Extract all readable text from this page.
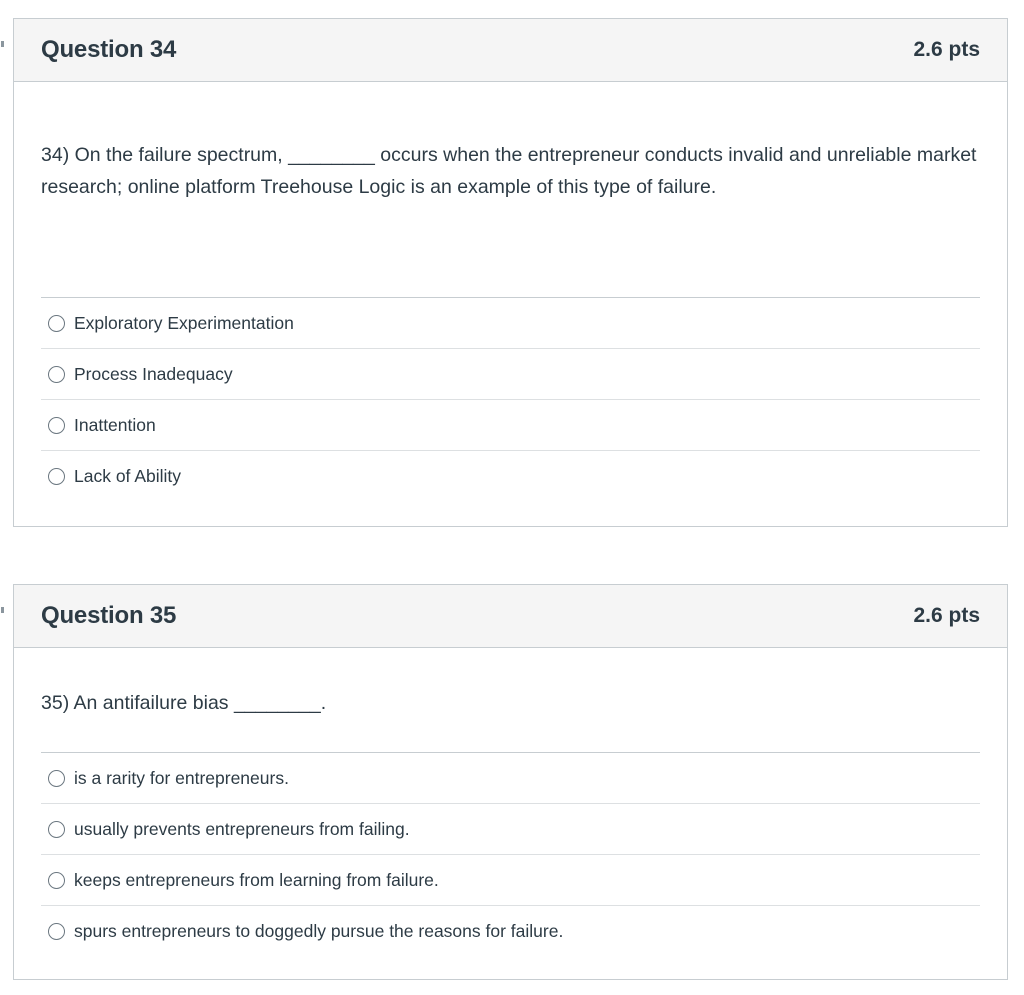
Question 34	2.6 pts
34) On the failure spectrum, ________ occurs when the entrepreneur conducts invalid and unreliable market research; online platform Treehouse Logic is an example of this type of failure.
Exploratory Experimentation
Process Inadequacy
Inattention
Lack of Ability
Question 35	2.6 pts
35) An antifailure bias ________.
is a rarity for entrepreneurs.
usually prevents entrepreneurs from failing.
keeps entrepreneurs from learning from failure.
spurs entrepreneurs to doggedly pursue the reasons for failure.
